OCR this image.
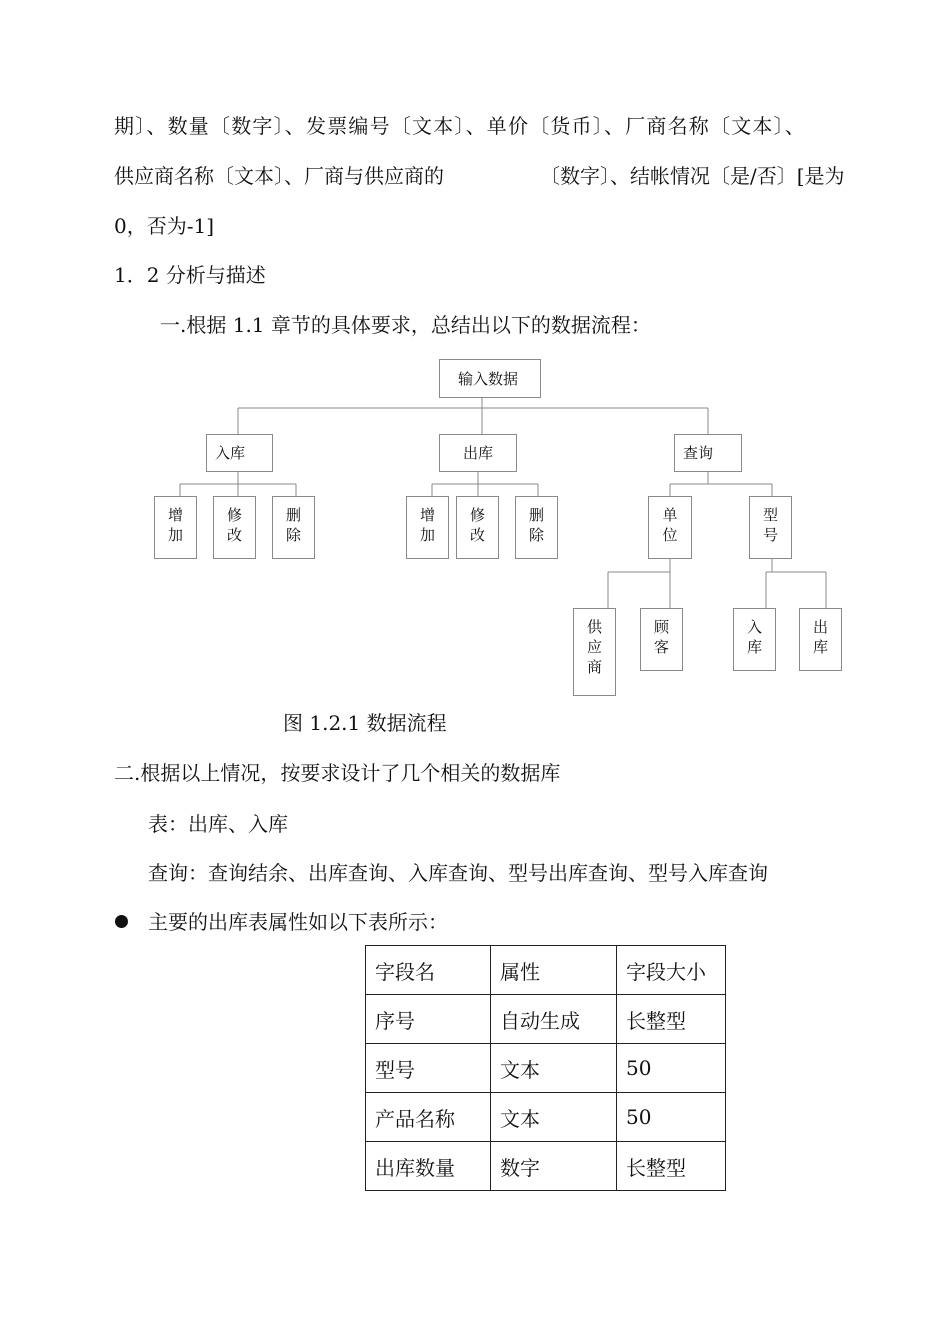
期〕、数量〔数字〕、发票编号〔文本〕、单价〔货币〕、厂商名称〔文本〕、
供应商名称〔文本〕、厂商与供应商的	〔数字〕、结帐情况〔是/否〕[是为
0，否为-1]
1．2 分析与描述
一.根据 1.1 章节的具体要求，总结出以下的数据流程：
输入数据
入库	出库	查询
增
加
修
改
删
除
增
加
修
改
删
除
单
位
型
号
供
应
商
顾
客
入
库
出
库
图 1.2.1 数据流程
二.根据以上情况，按要求设计了几个相关的数据库
表：出库、入库
查询：查询结余、出库查询、入库查询、型号出库查询、型号入库查询
主要的出库表属性如以下表所示：
字段名	属性	字段大小
序号	自动生成	长整型
型号	文本	50
产品名称	文本	50
出库数量	数字	长整型
